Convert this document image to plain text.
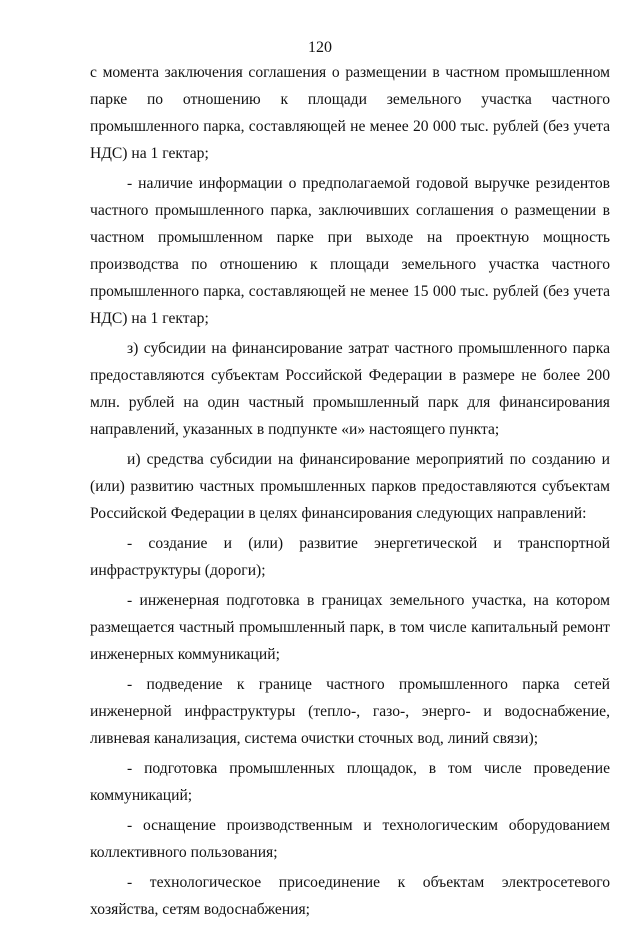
120

с момента заключения соглашения о размещении в частном промышленном парке по отношению к площади земельного участка частного промышленного парка, составляющей не менее 20 000 тыс. рублей (без учета НДС) на 1 гектар;

- наличие информации о предполагаемой годовой выручке резидентов частного промышленного парка, заключивших соглашения о размещении в частном промышленном парке при выходе на проектную мощность производства по отношению к площади земельного участка частного промышленного парка, составляющей не менее 15 000 тыс. рублей (без учета НДС) на 1 гектар;

з) субсидии на финансирование затрат частного промышленного парка предоставляются субъектам Российской Федерации в размере не более 200 млн. рублей на один частный промышленный парк для финансирования направлений, указанных в подпункте «и» настоящего пункта;

и) средства субсидии на финансирование мероприятий по созданию и (или) развитию частных промышленных парков предоставляются субъектам Российской Федерации в целях финансирования следующих направлений:

- создание и (или) развитие энергетической и транспортной инфраструктуры (дороги);

- инженерная подготовка в границах земельного участка, на котором размещается частный промышленный парк, в том числе капитальный ремонт инженерных коммуникаций;

- подведение к границе частного промышленного парка сетей инженерной инфраструктуры (тепло-, газо-, энерго- и водоснабжение, ливневая канализация, система очистки сточных вод, линий связи);

- подготовка промышленных площадок, в том числе проведение коммуникаций;

- оснащение производственным и технологическим оборудованием коллективного пользования;

- технологическое присоединение к объектам электросетевого хозяйства, сетям водоснабжения;
